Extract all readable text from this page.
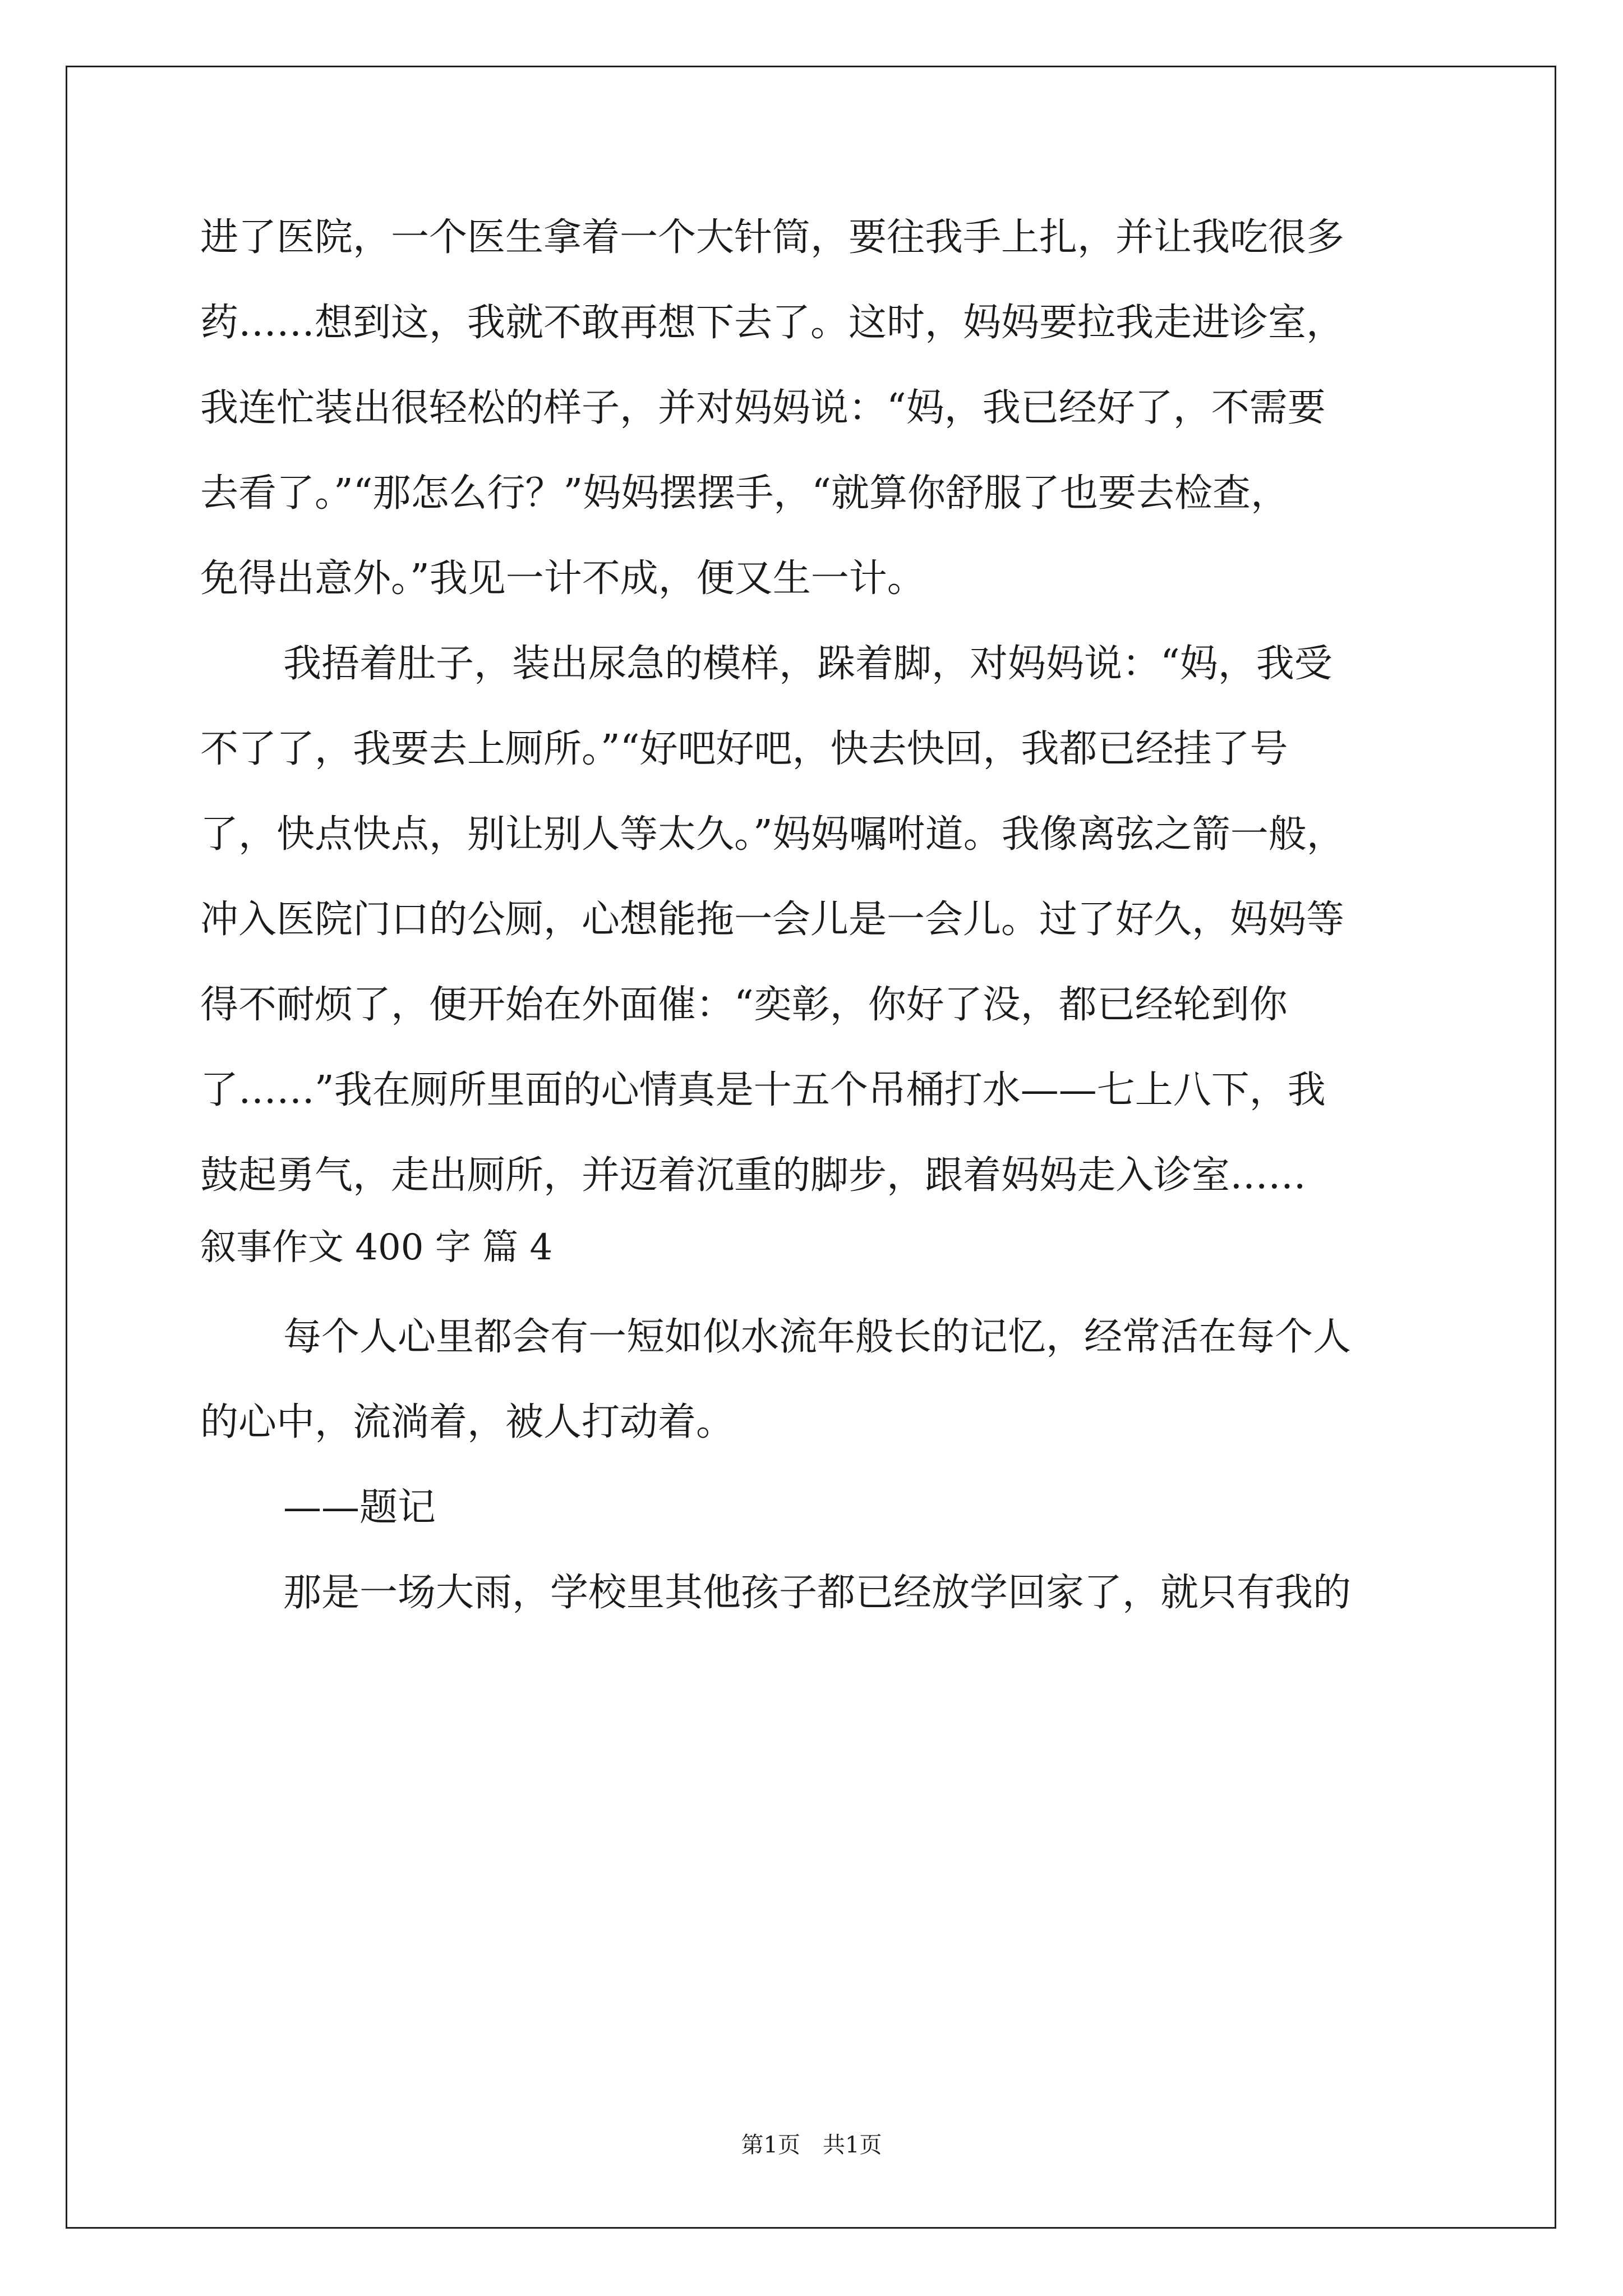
进了医院，一个医生拿着一个大针筒，要往我手上扎，并让我吃很多
药……想到这，我就不敢再想下去了。这时，妈妈要拉我走进诊室，
我连忙装出很轻松的样子，并对妈妈说：“妈，我已经好了，不需要
去看了。”“那怎么行？”妈妈摆摆手，“就算你舒服了也要去检查，
免得出意外。”我见一计不成，便又生一计。
我捂着肚子，装出尿急的模样，跺着脚，对妈妈说：“妈，我受
不了了，我要去上厕所。”“好吧好吧，快去快回，我都已经挂了号
了，快点快点，别让别人等太久。”妈妈嘱咐道。我像离弦之箭一般，
冲入医院门口的公厕，心想能拖一会儿是一会儿。过了好久，妈妈等
得不耐烦了，便开始在外面催：“奕彰，你好了没，都已经轮到你
了……”我在厕所里面的心情真是十五个吊桶打水——七上八下，我
鼓起勇气，走出厕所，并迈着沉重的脚步，跟着妈妈走入诊室……
叙事作文 400 字 篇 4
每个人心里都会有一短如似水流年般长的记忆，经常活在每个人
的心中，流淌着，被人打动着。
——题记
那是一场大雨，学校里其他孩子都已经放学回家了，就只有我的
第1页 共1页
